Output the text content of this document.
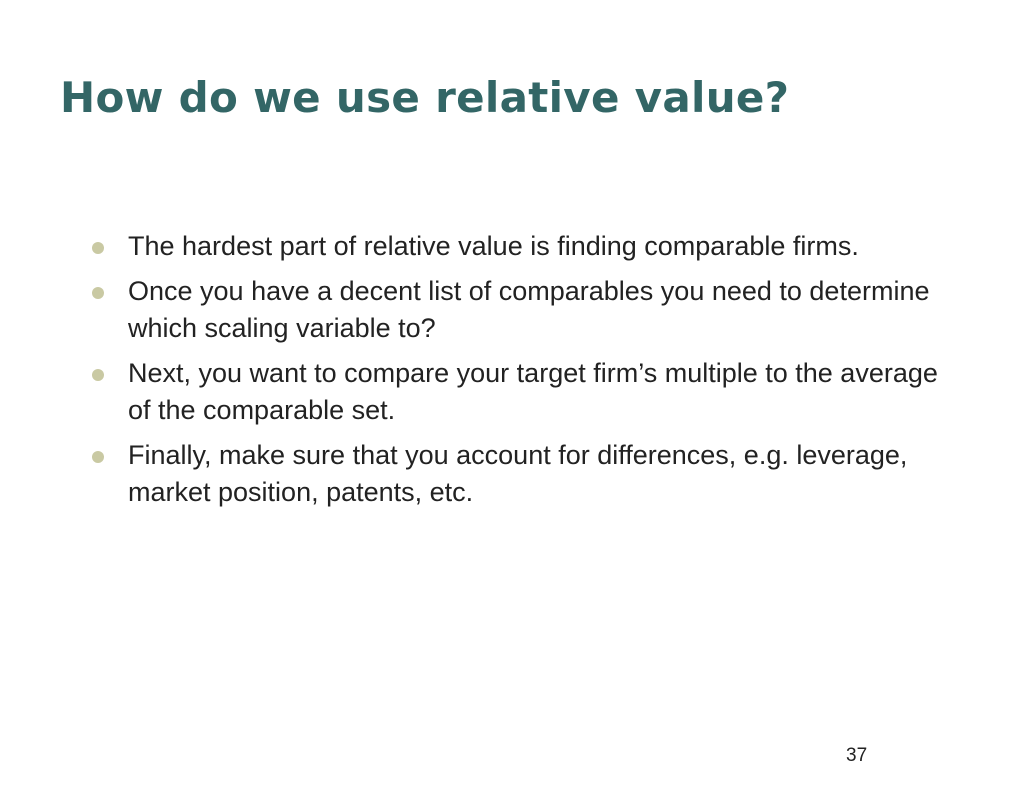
How do we use relative value?
The hardest part of relative value is finding comparable firms.
Once you have a decent list of comparables you need to determine which scaling variable to?
Next, you want to compare your target firm’s multiple to the average of the comparable set.
Finally, make sure that you account for differences, e.g. leverage, market position, patents, etc.
37
